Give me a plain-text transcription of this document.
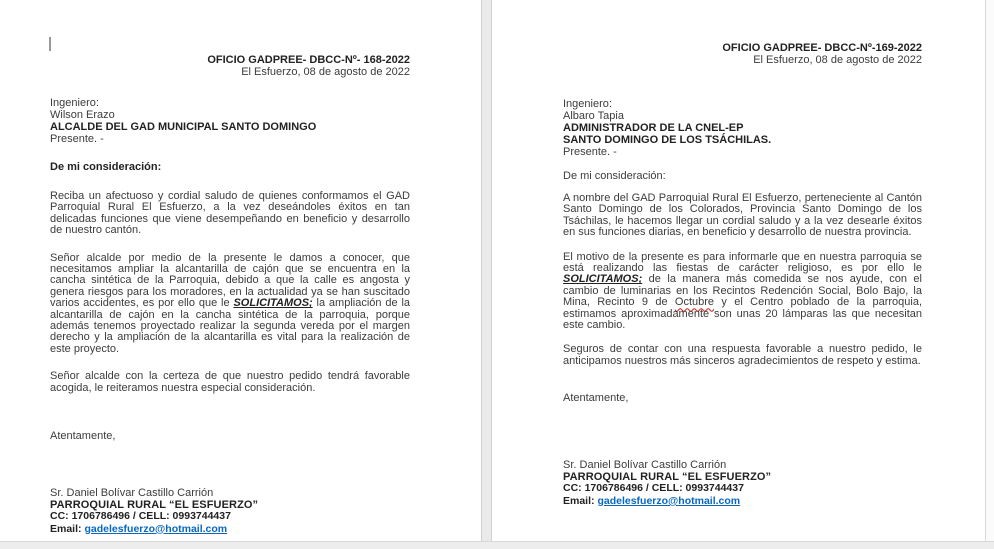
OFICIO GADPREE- DBCC-Nº- 168-2022
El Esfuerzo, 08 de agosto de 2022
Ingeniero:
Wilson Erazo
ALCALDE DEL GAD MUNICIPAL SANTO DOMINGO
Presente. -
De mi consideración:
Reciba un afectuoso y cordial saludo de quienes conformamos el GAD Parroquial Rural El Esfuerzo, a la vez deseándoles éxitos en tan delicadas funciones que viene desempeñando en beneficio y desarrollo de nuestro cantón.
Señor alcalde por medio de la presente le damos a conocer, que necesitamos ampliar la alcantarilla de cajón que se encuentra en la cancha sintética de la Parroquia, debido a que la calle es angosta y genera riesgos para los moradores, en la actualidad ya se han suscitado varios accidentes, es por ello que le SOLICITAMOS; la ampliación de la alcantarilla de cajón en la cancha sintética de la parroquia, porque además tenemos proyectado realizar la segunda vereda por el margen derecho y la ampliación de la alcantarilla es vital para la realización de este proyecto.
Señor alcalde con la certeza de que nuestro pedido tendrá favorable acogida, le reiteramos nuestra especial consideración.
Atentamente,
Sr. Daniel Bolívar Castillo Carrión
PARROQUIAL RURAL “EL ESFUERZO”
CC: 1706786496 / CELL: 0993744437
Email: gadelesfuerzo@hotmail.com
OFICIO GADPREE- DBCC-Nº-169-2022
El Esfuerzo, 08 de agosto de 2022
Ingeniero:
Albaro Tapia
ADMINISTRADOR DE LA CNEL-EP
SANTO DOMINGO DE LOS TSÁCHILAS.
Presente. -
De mi consideración:
A nombre del GAD Parroquial Rural El Esfuerzo, perteneciente al Cantón Santo Domingo de los Colorados, Provincia Santo Domingo de los Tsáchilas, le hacemos llegar un cordial saludo y a la vez desearle éxitos en sus funciones diarias, en beneficio y desarrollo de nuestra provincia.
El motivo de la presente es para informarle que en nuestra parroquia se está realizando las fiestas de carácter religioso, es por ello le SOLICITAMOS; de la manera más comedida se nos ayude, con el cambio de luminarias en los Recintos Redención Social, Bolo Bajo, la Mina, Recinto 9 de Octubre y el Centro poblado de la parroquia, estimamos aproximadamente son unas 20 lámparas las que necesitan este cambio.
Seguros de contar con una respuesta favorable a nuestro pedido, le anticipamos nuestros más sinceros agradecimientos de respeto y estima.
Atentamente,
Sr. Daniel Bolívar Castillo Carrión
PARROQUIAL RURAL “EL ESFUERZO”
CC: 1706786496 / CELL: 0993744437
Email: gadelesfuerzo@hotmail.com
